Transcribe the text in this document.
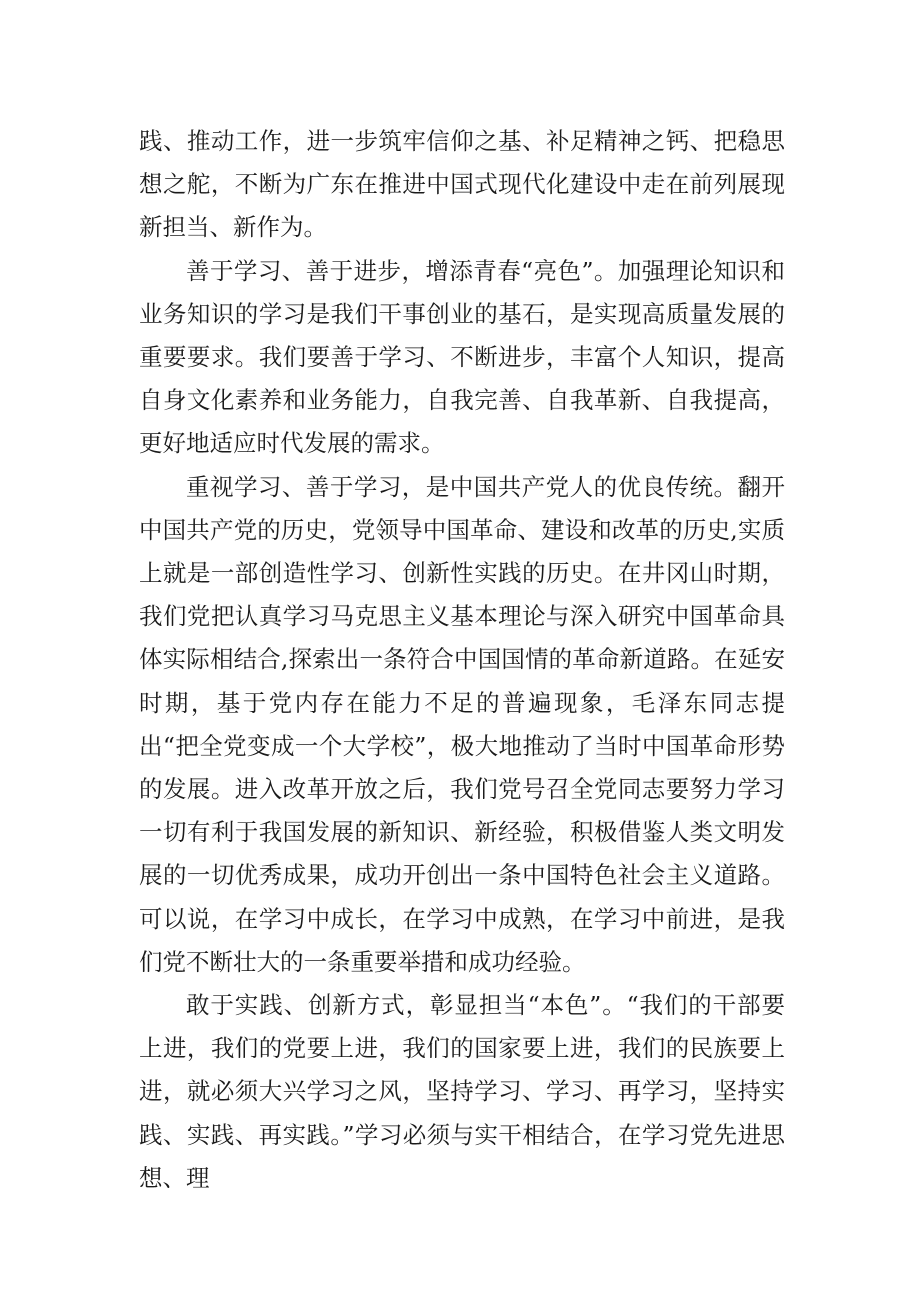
践、推动工作，进一步筑牢信仰之基、补足精神之钙、把稳思想之舵，不断为广东在推进中国式现代化建设中走在前列展现新担当、新作为。

善于学习、善于进步，增添青春“亮色”。加强理论知识和业务知识的学习是我们干事创业的基石，是实现高质量发展的重要要求。我们要善于学习、不断进步，丰富个人知识，提高自身文化素养和业务能力，自我完善、自我革新、自我提高，更好地适应时代发展的需求。

重视学习、善于学习，是中国共产党人的优良传统。翻开中国共产党的历史，党领导中国革命、建设和改革的历史,实质上就是一部创造性学习、创新性实践的历史。在井冈山时期，我们党把认真学习马克思主义基本理论与深入研究中国革命具体实际相结合,探索出一条符合中国国情的革命新道路。在延安时期，基于党内存在能力不足的普遍现象，毛泽东同志提出“把全党变成一个大学校”，极大地推动了当时中国革命形势的发展。进入改革开放之后，我们党号召全党同志要努力学习一切有利于我国发展的新知识、新经验，积极借鉴人类文明发展的一切优秀成果，成功开创出一条中国特色社会主义道路。可以说，在学习中成长，在学习中成熟，在学习中前进，是我们党不断壮大的一条重要举措和成功经验。

敢于实践、创新方式，彰显担当“本色”。“我们的干部要上进，我们的党要上进，我们的国家要上进，我们的民族要上进，就必须大兴学习之风，坚持学习、学习、再学习，坚持实践、实践、再实践。”学习必须与实干相结合，在学习党先进思想、理
